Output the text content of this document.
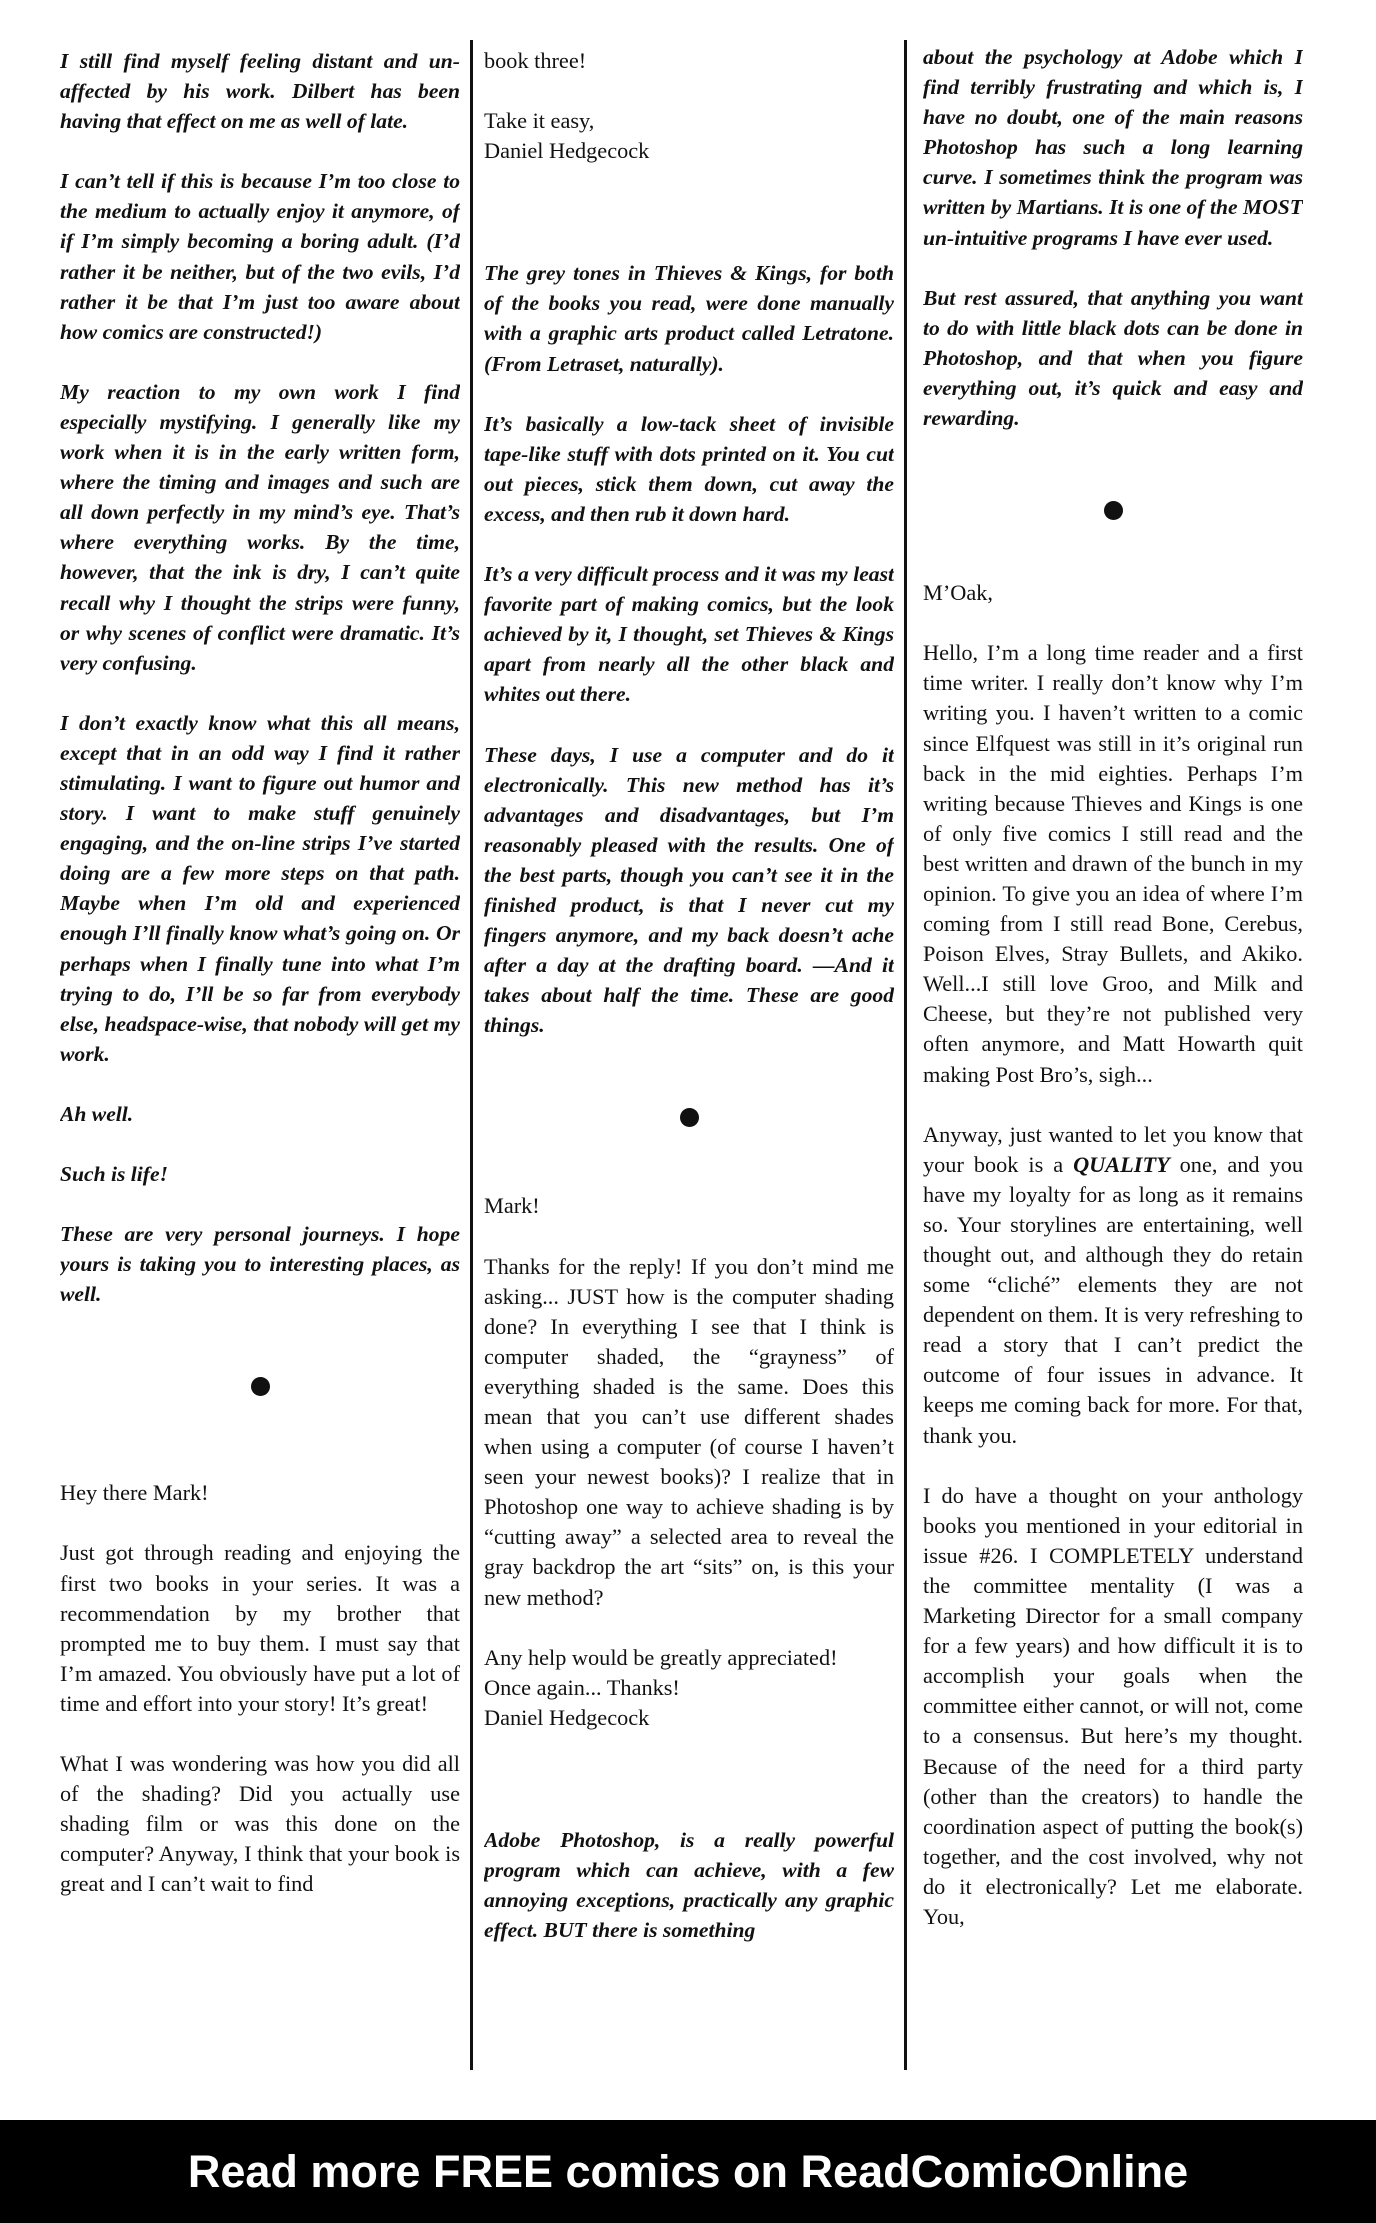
I still find myself feeling distant and un-affected by his work. Dilbert has been having that effect on me as well of late.

I can’t tell if this is because I’m too close to the medium to actually enjoy it anymore, of if I’m simply becoming a boring adult. (I’d rather it be neither, but of the two evils, I’d rather it be that I’m just too aware about how comics are constructed!)

My reaction to my own work I find especially mystifying. I generally like my work when it is in the early written form, where the timing and images and such are all down perfectly in my mind’s eye. That’s where everything works. By the time, however, that the ink is dry, I can’t quite recall why I thought the strips were funny, or why scenes of conflict were dramatic. It’s very confusing.

I don’t exactly know what this all means, except that in an odd way I find it rather stimulating. I want to figure out humor and story. I want to make stuff genuinely engaging, and the on-line strips I’ve started doing are a few more steps on that path. Maybe when I’m old and experienced enough I’ll finally know what’s going on. Or perhaps when I finally tune into what I’m trying to do, I’ll be so far from everybody else, headspace-wise, that nobody will get my work.

Ah well.

Such is life!

These are very personal journeys. I hope yours is taking you to interesting places, as well.

Hey there Mark!

Just got through reading and enjoying the first two books in your series. It was a recommendation by my brother that prompted me to buy them. I must say that I’m amazed. You obviously have put a lot of time and effort into your story! It’s great!

What I was wondering was how you did all of the shading? Did you actually use shading film or was this done on the computer? Anyway, I think that your book is great and I can’t wait to find

book three!

Take it easy,

Daniel Hedgecock

The grey tones in Thieves & Kings, for both of the books you read, were done manually with a graphic arts product called Letratone. (From Letraset, naturally).

It’s basically a low-tack sheet of invisible tape-like stuff with dots printed on it. You cut out pieces, stick them down, cut away the excess, and then rub it down hard.

It’s a very difficult process and it was my least favorite part of making comics, but the look achieved by it, I thought, set Thieves & Kings apart from nearly all the other black and whites out there.

These days, I use a computer and do it electronically. This new method has it’s advantages and disadvantages, but I’m reasonably pleased with the results. One of the best parts, though you can’t see it in the finished product, is that I never cut my fingers anymore, and my back doesn’t ache after a day at the drafting board. —And it takes about half the time. These are good things.

Mark!

Thanks for the reply! If you don’t mind me asking... JUST how is the computer shading done? In everything I see that I think is computer shaded, the “grayness” of everything shaded is the same. Does this mean that you can’t use different shades when using a computer (of course I haven’t seen your newest books)? I realize that in Photoshop one way to achieve shading is by “cutting away” a selected area to reveal the gray backdrop the art “sits” on, is this your new method?

Any help would be greatly appreciated!

Once again... Thanks!

Daniel Hedgecock

Adobe Photoshop, is a really powerful program which can achieve, with a few annoying exceptions, practically any graphic effect. BUT there is something

about the psychology at Adobe which I find terribly frustrating and which is, I have no doubt, one of the main reasons Photoshop has such a long learning curve. I sometimes think the program was written by Martians. It is one of the MOST un-intuitive programs I have ever used.

But rest assured, that anything you want to do with little black dots can be done in Photoshop, and that when you figure everything out, it’s quick and easy and rewarding.

M’Oak,

Hello, I’m a long time reader and a first time writer. I really don’t know why I’m writing you. I haven’t written to a comic since Elfquest was still in it’s original run back in the mid eighties. Perhaps I’m writing because Thieves and Kings is one of only five comics I still read and the best written and drawn of the bunch in my opinion. To give you an idea of where I’m coming from I still read Bone, Cerebus, Poison Elves, Stray Bullets, and Akiko. Well...I still love Groo, and Milk and Cheese, but they’re not published very often anymore, and Matt Howarth quit making Post Bro’s, sigh...

Anyway, just wanted to let you know that your book is a QUALITY one, and you have my loyalty for as long as it remains so. Your storylines are entertaining, well thought out, and although they do retain some “cliché” elements they are not dependent on them. It is very refreshing to read a story that I can’t predict the outcome of four issues in advance. It keeps me coming back for more. For that, thank you.

I do have a thought on your anthology books you mentioned in your editorial in issue #26. I COMPLETELY understand the committee mentality (I was a Marketing Director for a small company for a few years) and how difficult it is to accomplish your goals when the committee either cannot, or will not, come to a consensus. But here’s my thought. Because of the need for a third party (other than the creators) to handle the coordination aspect of putting the book(s) together, and the cost involved, why not do it electronically? Let me elaborate. You,

Read more FREE comics on ReadComicOnline
